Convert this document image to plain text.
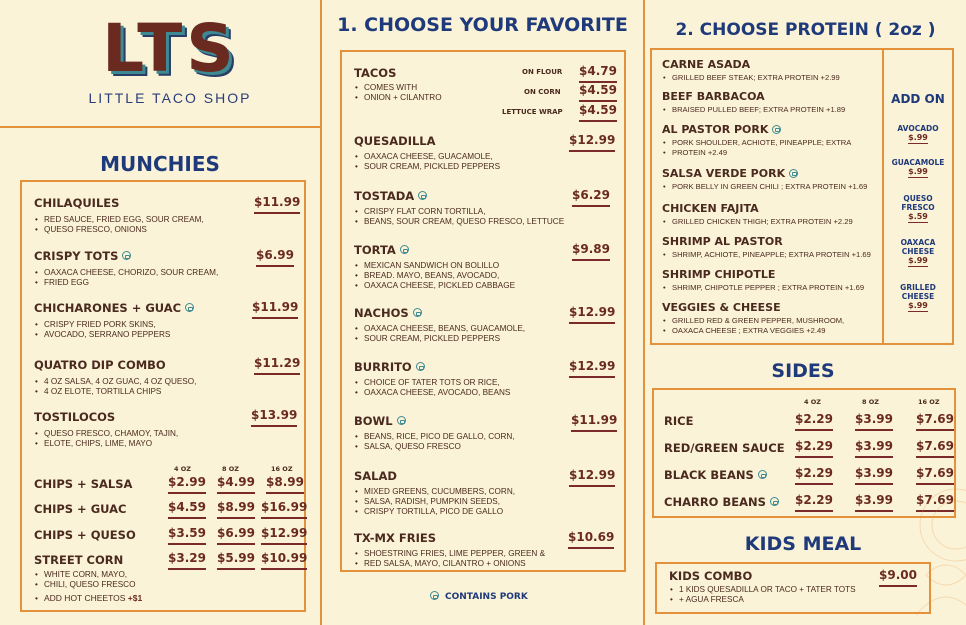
LTS
LITTLE TACO SHOP
MUNCHIES
CHILAQUILES
• RED SAUCE, FRIED EGG, SOUR CREAM,
• QUESO FRESCO, ONIONS
$11.99
CRISPY TOTS
• OAXACA CHEESE, CHORIZO, SOUR CREAM,
• FRIED EGG
$6.99
CHICHARONES + GUAC
• CRISPY FRIED PORK SKINS,
• AVOCADO, SERRANO PEPPERS
$11.99
QUATRO DIP COMBO
• 4 OZ SALSA, 4 OZ GUAC, 4 OZ QUESO,
• 4 OZ ELOTE, TORTILLA CHIPS
$11.29
TOSTILOCOS
• QUESO FRESCO, CHAMOY, TAJIN,
• ELOTE, CHIPS, LIME, MAYO
$13.99
4 OZ	8 OZ	16 OZ
CHIPS + SALSA	$2.99 $4.99 $8.99
CHIPS + GUAC	$4.59 $8.99 $16.99
CHIPS + QUESO	$3.59 $6.99 $12.99
STREET CORN
• WHITE CORN, MAYO,
• CHILI, QUESO FRESCO
• ADD HOT CHEETOS +$1
$3.29 $5.99 $10.99
1. CHOOSE YOUR FAVORITE
TACOS
• COMES WITH
• ONION + CILANTRO
ON FLOUR $4.79
ON CORN $4.59
LETTUCE WRAP $4.59
QUESADILLA
• OAXACA CHEESE, GUACAMOLE,
• SOUR CREAM, PICKLED PEPPERS
$12.99
TOSTADA
• CRISPY FLAT CORN TORTILLA,
• BEANS, SOUR CREAM, QUESO FRESCO, LETTUCE
$6.29
TORTA
• MEXICAN SANDWICH ON BOLILLO
• BREAD. MAYO, BEANS, AVOCADO,
• OAXACA CHEESE, PICKLED CABBAGE
$9.89
NACHOS
• OAXACA CHEESE, BEANS, GUACAMOLE,
• SOUR CREAM, PICKLED PEPPERS
$12.99
BURRITO
• CHOICE OF TATER TOTS OR RICE,
• OAXACA CHEESE, AVOCADO, BEANS
$12.99
BOWL
• BEANS, RICE, PICO DE GALLO, CORN,
• SALSA, QUESO FRESCO
$11.99
SALAD
• MIXED GREENS, CUCUMBERS, CORN,
• SALSA, RADISH, PUMPKIN SEEDS,
• CRISPY TORTILLA, PICO DE GALLO
$12.99
TX-MX FRIES
• SHOESTRING FRIES, LIME PEPPER, GREEN &
• RED SALSA, MAYO, CILANTRO + ONIONS
$10.69
CONTAINS PORK
2. CHOOSE PROTEIN ( 2oz )
CARNE ASADA
• GRILLED BEEF STEAK; EXTRA PROTEIN +2.99
BEEF BARBACOA
• BRAISED PULLED BEEF; EXTRA PROTEIN +1.89
AL PASTOR PORK
• PORK SHOULDER, ACHIOTE, PINEAPPLE; EXTRA
• PROTEIN +2.49
SALSA VERDE PORK
• PORK BELLY IN GREEN CHILI ; EXTRA PROTEIN +1.69
CHICKEN FAJITA
• GRILLED CHICKEN THIGH; EXTRA PROTEIN +2.29
SHRIMP AL PASTOR
• SHRIMP, ACHIOTE, PINEAPPLE; EXTRA PROTEIN +1.69
SHRIMP CHIPOTLE
• SHRIMP, CHIPOTLE PEPPER ; EXTRA PROTEIN +1.69
VEGGIES & CHEESE
• GRILLED RED & GREEN PEPPER, MUSHROOM,
• OAXACA CHEESE ; EXTRA VEGGIES +2.49
ADD ON
AVOCADO
$.99
GUACAMOLE
$.99
QUESO
FRESCO
$.59
OAXACA
CHEESE
$.99
GRILLED
CHEESE
$.99
SIDES
4 OZ	8 OZ	16 OZ
RICE	$2.29 $3.99 $7.69
RED/GREEN SAUCE $2.29 $3.99 $7.69
BLACK BEANS	$2.29 $3.99 $7.69
CHARRO BEANS	$2.29 $3.99 $7.69
KIDS MEAL
KIDS COMBO
• 1 KIDS QUESADILLA OR TACO + TATER TOTS
• + AGUA FRESCA
$9.00
